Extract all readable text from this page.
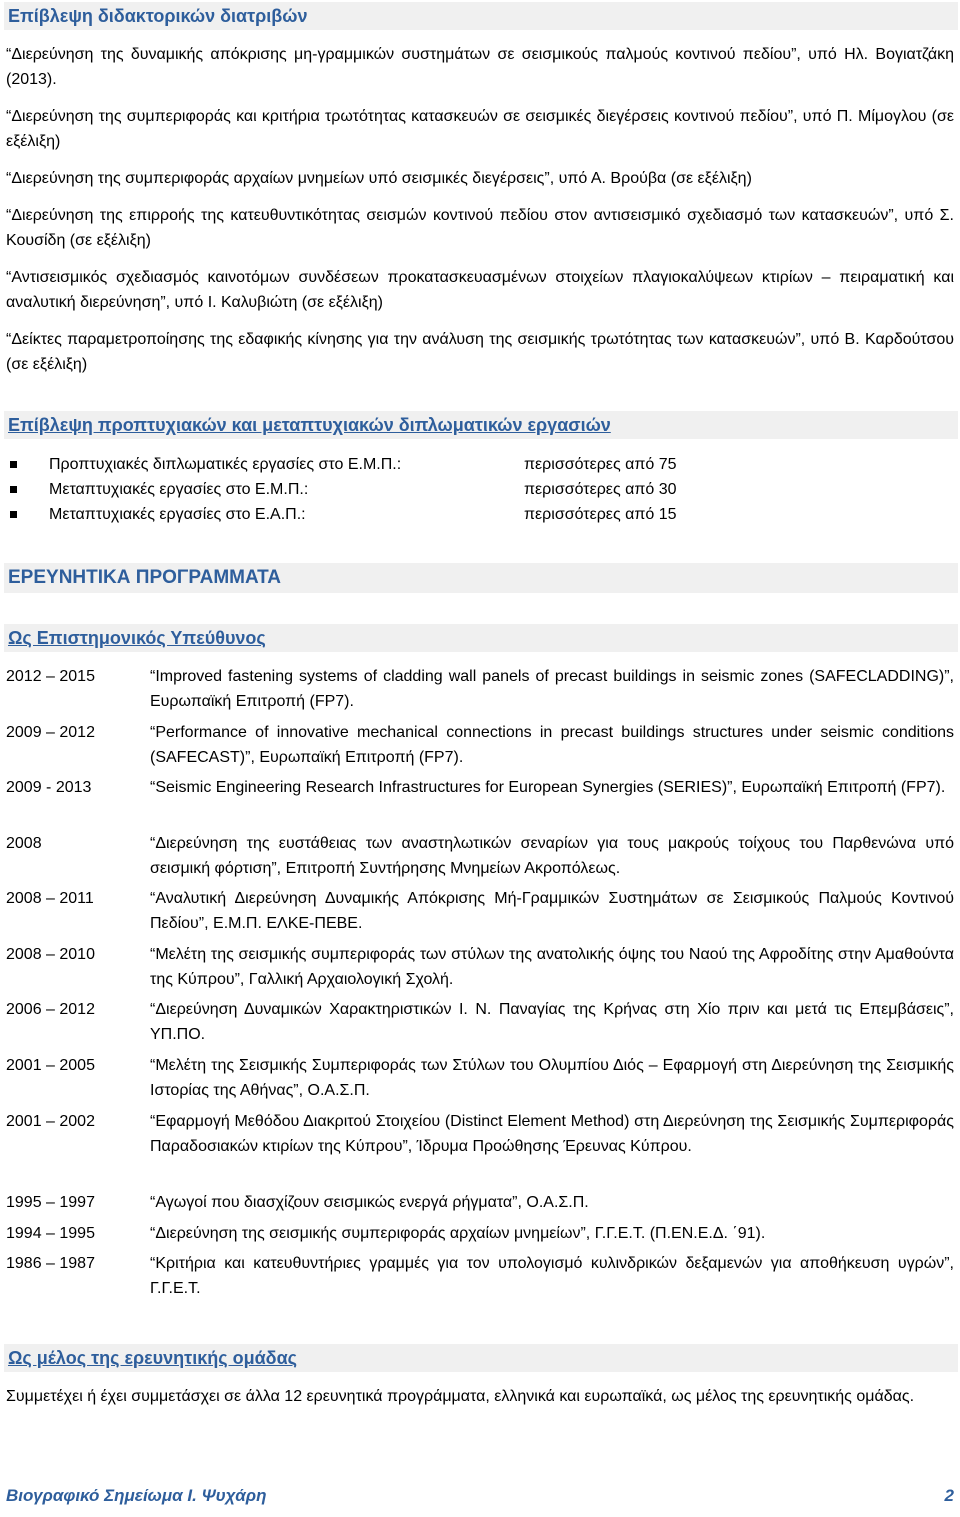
Επίβλεψη διδακτορικών διατριβών

“Διερεύνηση της δυναμικής απόκρισης μη-γραμμικών συστημάτων σε σεισμικούς παλμούς κοντινού πεδίου”, υπό Ηλ. Βογιατζάκη (2013).

“Διερεύνηση της συμπεριφοράς και κριτήρια τρωτότητας κατασκευών σε σεισμικές διεγέρσεις κοντινού πεδίου”, υπό Π. Μίμογλου (σε εξέλιξη)

“Διερεύνηση της συμπεριφοράς αρχαίων μνημείων υπό σεισμικές διεγέρσεις”, υπό Α. Βρούβα (σε εξέλιξη)

“Διερεύνηση της επιρροής της κατευθυντικότητας σεισμών κοντινού πεδίου στον αντισεισμικό σχεδιασμό των κατασκευών”, υπό Σ. Κουσίδη (σε εξέλιξη)

“Αντισεισμικός σχεδιασμός καινοτόμων συνδέσεων προκατασκευασμένων στοιχείων πλαγιοκαλύψεων κτιρίων – πειραματική και αναλυτική διερεύνηση”, υπό Ι. Καλυβιώτη (σε εξέλιξη)

“Δείκτες παραμετροποίησης της εδαφικής κίνησης για την ανάλυση της σεισμικής τρωτότητας των κατασκευών”, υπό Β. Καρδούτσου (σε εξέλιξη)

Επίβλεψη προπτυχιακών και μεταπτυχιακών διπλωματικών εργασιών
Προπτυχιακές διπλωματικές εργασίες στο Ε.Μ.Π.:	περισσότερες από 75
Μεταπτυχιακές εργασίες στο Ε.Μ.Π.:	περισσότερες από 30
Μεταπτυχιακές εργασίες στο Ε.Α.Π.:	περισσότερες από 15
ΕΡΕΥΝΗΤΙΚΑ ΠΡΟΓΡΑΜΜΑΤΑ
Ως Επιστημονικός Υπεύθυνος
2012 – 2015	“Improved fastening systems of cladding wall panels of precast buildings in seismic zones (SAFECLADDING)”, Ευρωπαϊκή Επιτροπή (FP7).

2009 – 2012	“Performance of innovative mechanical connections in precast buildings structures under seismic conditions (SAFECAST)”, Ευρωπαϊκή Επιτροπή (FP7).

2009 - 2013	“Seismic Engineering Research Infrastructures for European Synergies (SERIES)”, Ευρωπαϊκή Επιτροπή (FP7).

2008	“Διερεύνηση της ευστάθειας των αναστηλωτικών σεναρίων για τους μακρούς τοίχους του Παρθενώνα υπό σεισμική φόρτιση”, Επιτροπή Συντήρησης Μνημείων Ακροπόλεως.

2008 – 2011	“Αναλυτική Διερεύνηση Δυναμικής Απόκρισης Μή-Γραμμικών Συστημάτων σε Σεισμικούς Παλμούς Κοντινού Πεδίου”, Ε.Μ.Π. ΕΛΚΕ-ΠΕΒΕ.

2008 – 2010	“Μελέτη της σεισμικής συμπεριφοράς των στύλων της ανατολικής όψης του Ναού της Αφροδίτης στην Αμαθούντα της Κύπρου”, Γαλλική Αρχαιολογική Σχολή.

2006 – 2012	“Διερεύνηση Δυναμικών Χαρακτηριστικών Ι. Ν. Παναγίας της Κρήνας στη Χίο πριν και μετά τις Επεμβάσεις”, ΥΠ.ΠΟ.

2001 – 2005	“Μελέτη της Σεισμικής Συμπεριφοράς των Στύλων του Ολυμπίου Διός – Εφαρμογή στη Διερεύνηση της Σεισμικής Ιστορίας της Αθήνας”, Ο.Α.Σ.Π.

2001 – 2002	“Εφαρμογή Μεθόδου Διακριτού Στοιχείου (Distinct Element Method) στη Διερεύνηση της Σεισμικής Συμπεριφοράς Παραδοσιακών κτιρίων της Κύπρου”, Ίδρυμα Προώθησης Έρευνας Κύπρου.

1995 – 1997	“Αγωγοί που διασχίζουν σεισμικώς ενεργά ρήγματα”, Ο.Α.Σ.Π.

1994 – 1995	“Διερεύνηση της σεισμικής συμπεριφοράς αρχαίων μνημείων”, Γ.Γ.Ε.Τ. (Π.ΕΝ.Ε.Δ. ΄91).

1986 – 1987	“Κριτήρια και κατευθυντήριες γραμμές για τον υπολογισμό κυλινδρικών δεξαμενών για αποθήκευση υγρών”, Γ.Γ.Ε.Τ.

Ως μέλος της ερευνητικής ομάδας

Συμμετέχει ή έχει συμμετάσχει σε άλλα 12 ερευνητικά προγράμματα, ελληνικά και ευρωπαϊκά, ως μέλος της ερευνητικής ομάδας.

Βιογραφικό Σημείωμα Ι. Ψυχάρη	2
